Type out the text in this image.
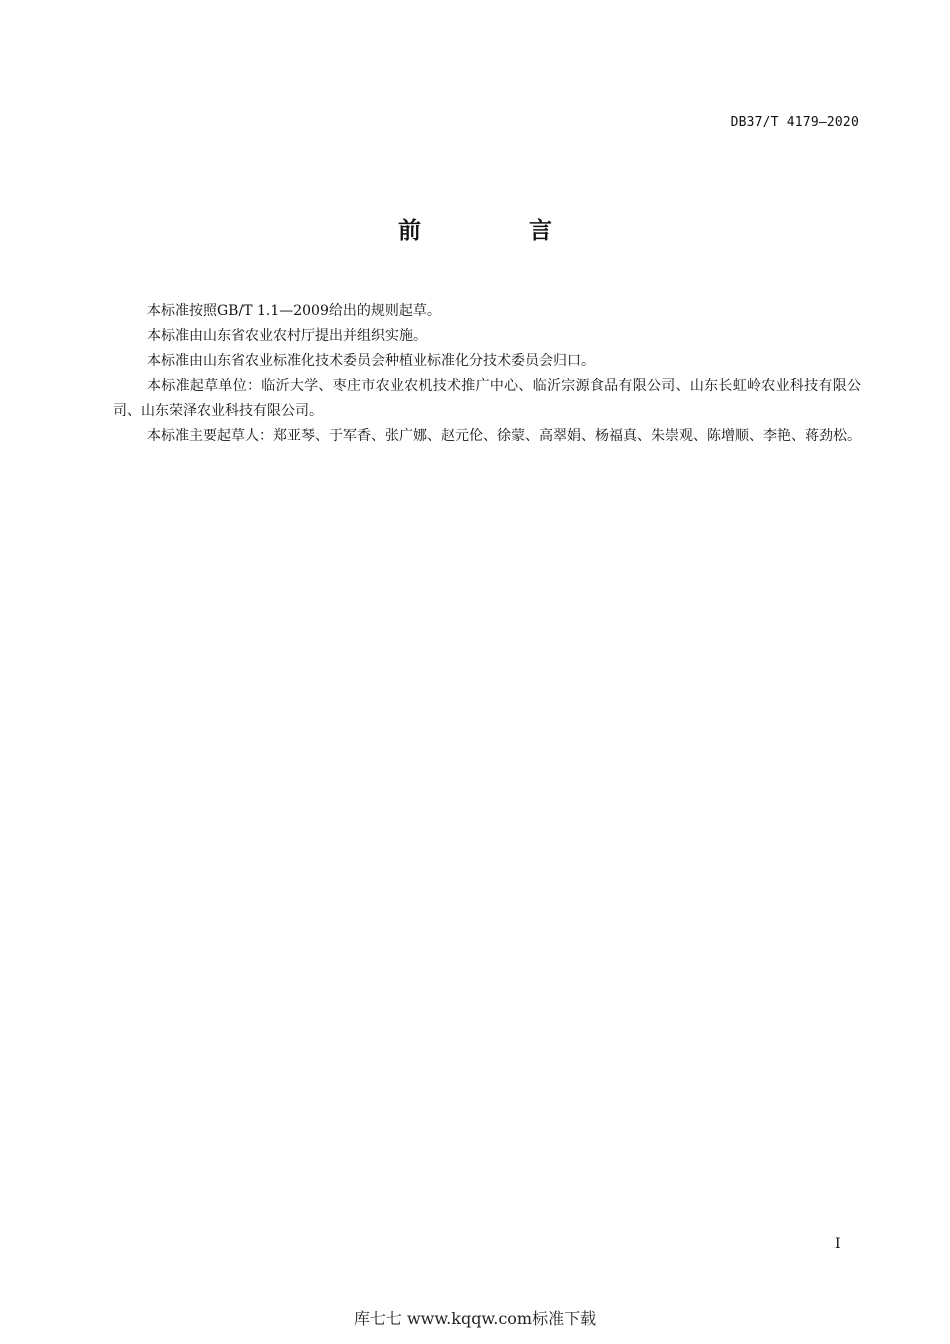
DB37/T 4179—2020
前 言

本标准按照GB/T 1.1—2009给出的规则起草。

本标准由山东省农业农村厅提出并组织实施。

本标准由山东省农业标准化技术委员会种植业标准化分技术委员会归口。

本标准起草单位：临沂大学、枣庄市农业农机技术推广中心、临沂宗源食品有限公司、山东长虹岭农业科技有限公司、山东荣泽农业科技有限公司。

本标准主要起草人：郑亚琴、于军香、张广娜、赵元伦、徐蒙、高翠娟、杨福真、朱崇观、陈增顺、李艳、蒋劲松。

I
库七七 www.kqqw.com标准下载
